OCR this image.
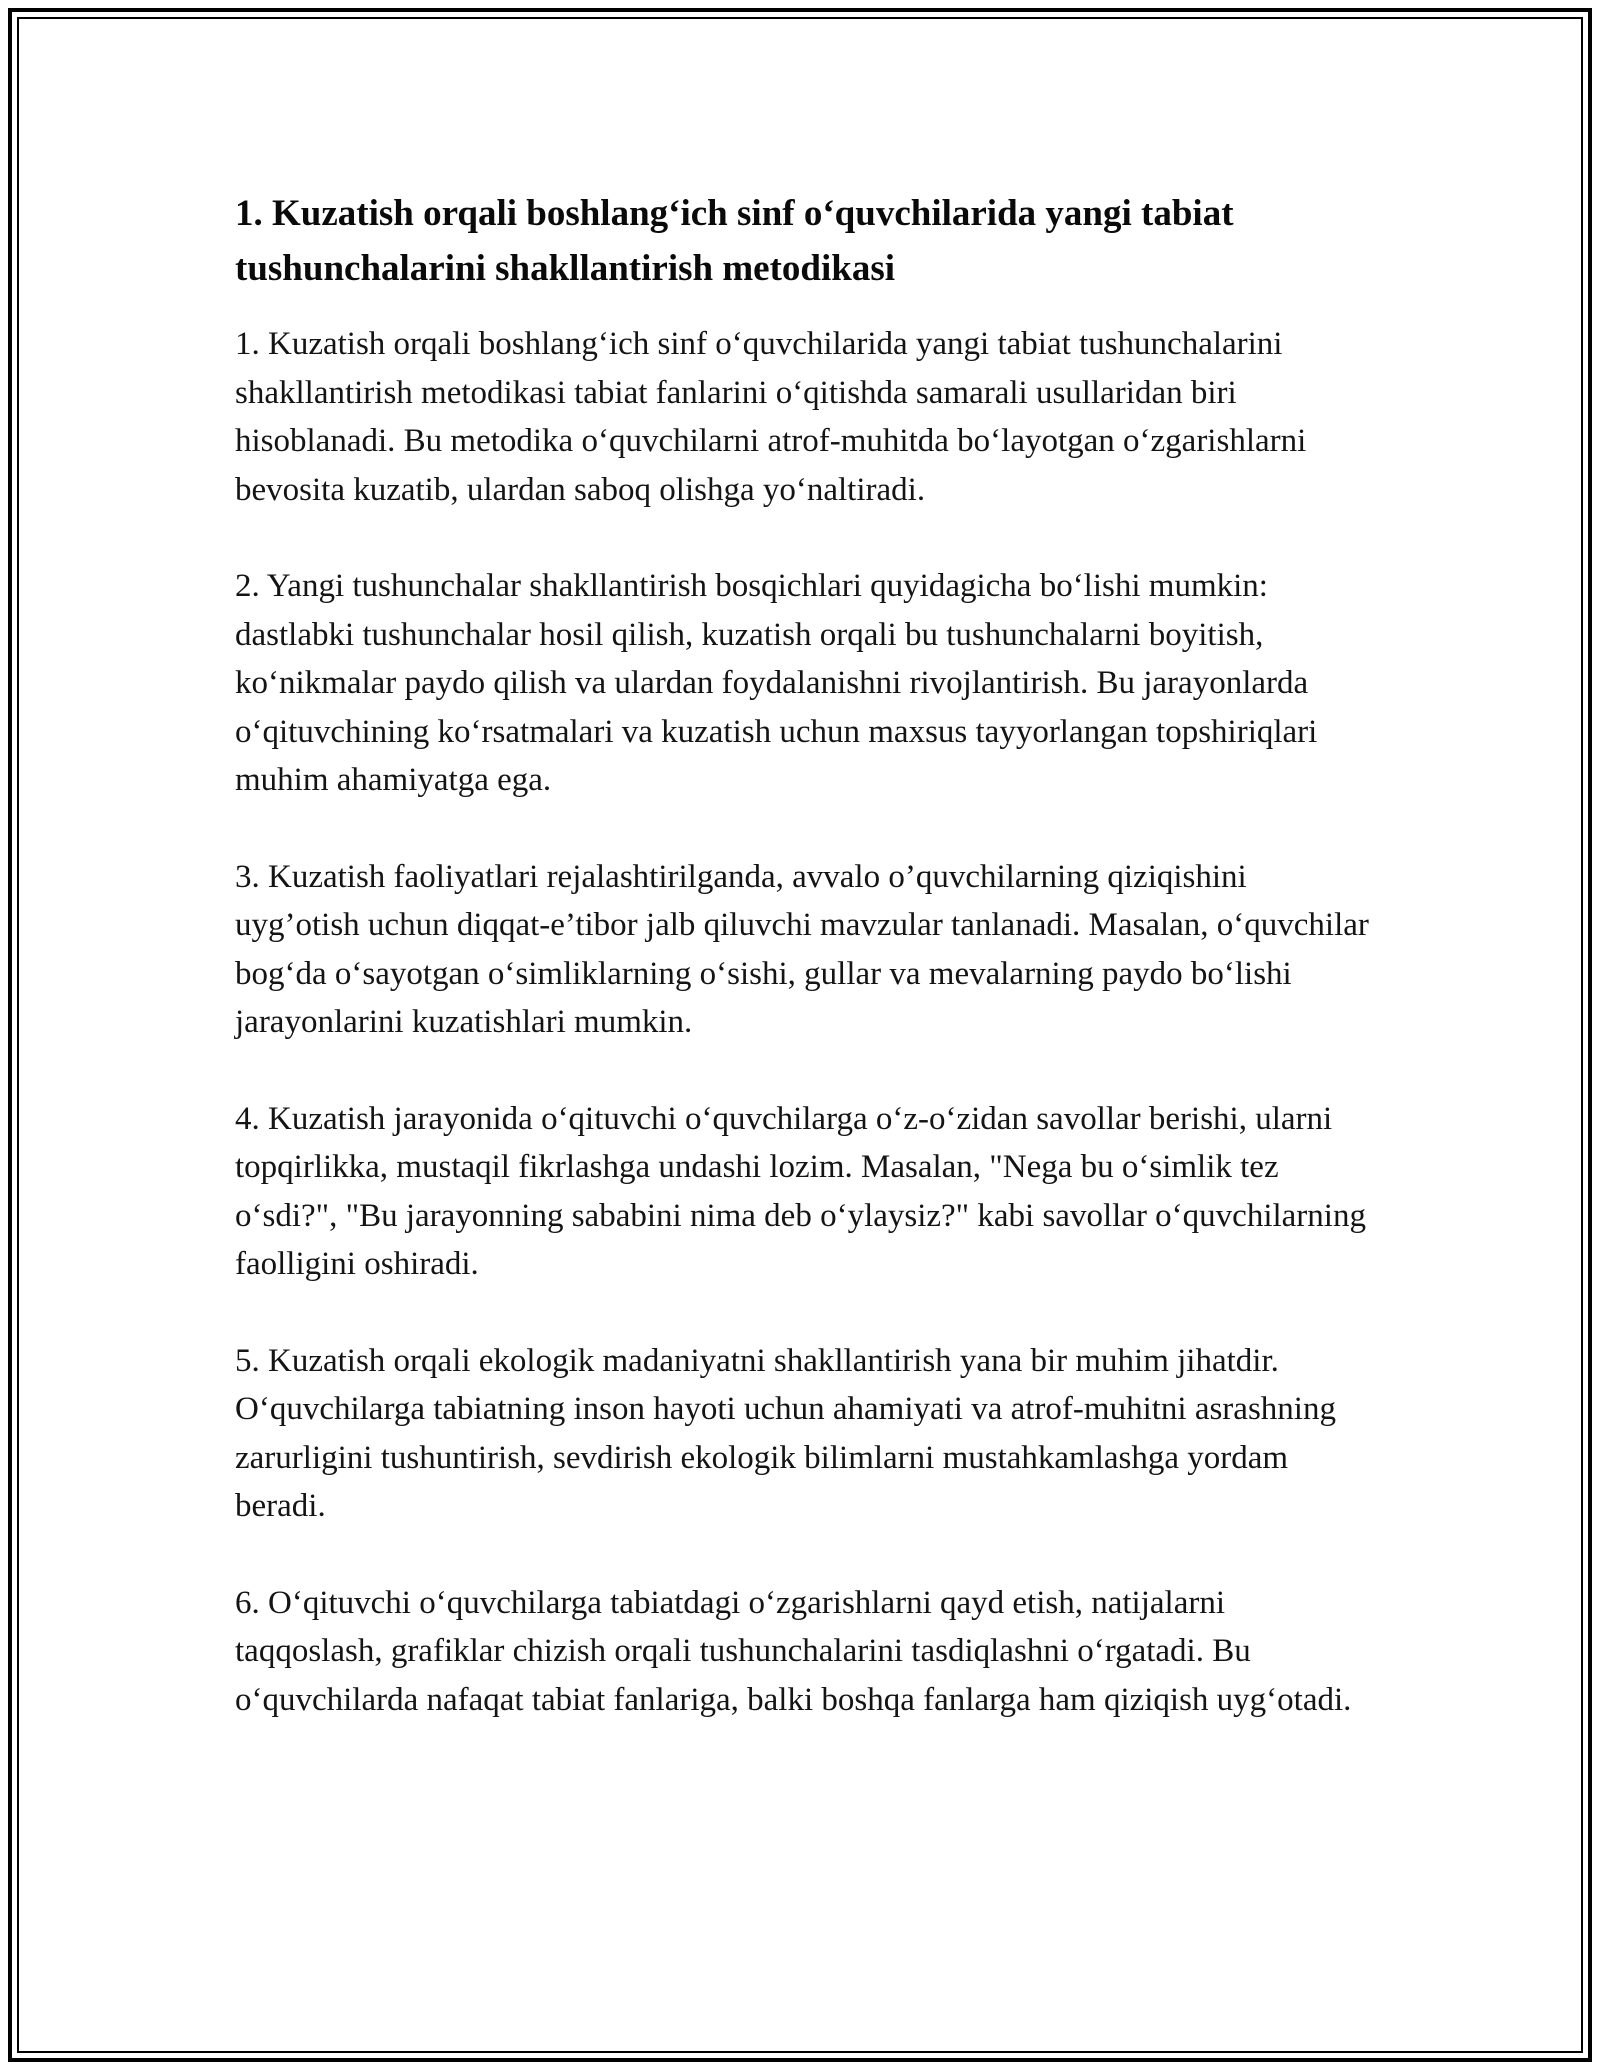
1. Kuzatish orqali boshlang‘ich sinf o‘quvchilarida yangi tabiat tushunchalarini shakllantirish metodikasi

1. Kuzatish orqali boshlang‘ich sinf o‘quvchilarida yangi tabiat tushunchalarini shakllantirish metodikasi tabiat fanlarini o‘qitishda samarali usullaridan biri hisoblanadi. Bu metodika o‘quvchilarni atrof-muhitda bo‘layotgan o‘zgarishlarni bevosita kuzatib, ulardan saboq olishga yo‘naltiradi.

2. Yangi tushunchalar shakllantirish bosqichlari quyidagicha bo‘lishi mumkin: dastlabki tushunchalar hosil qilish, kuzatish orqali bu tushunchalarni boyitish, ko‘nikmalar paydo qilish va ulardan foydalanishni rivojlantirish. Bu jarayonlarda o‘qituvchining ko‘rsatmalari va kuzatish uchun maxsus tayyorlangan topshiriqlari muhim ahamiyatga ega.

3. Kuzatish faoliyatlari rejalashtirilganda, avvalo o’quvchilarning qiziqishini uyg’otish uchun diqqat-e’tibor jalb qiluvchi mavzular tanlanadi. Masalan, o‘quvchilar bog‘da o‘sayotgan o‘simliklarning o‘sishi, gullar va mevalarning paydo bo‘lishi jarayonlarini kuzatishlari mumkin.

4. Kuzatish jarayonida o‘qituvchi o‘quvchilarga o‘z-o‘zidan savollar berishi, ularni topqirlikka, mustaqil fikrlashga undashi lozim. Masalan, "Nega bu o‘simlik tez o‘sdi?", "Bu jarayonning sababini nima deb o‘ylaysiz?" kabi savollar o‘quvchilarning faolligini oshiradi.

5. Kuzatish orqali ekologik madaniyatni shakllantirish yana bir muhim jihatdir. O‘quvchilarga tabiatning inson hayoti uchun ahamiyati va atrof-muhitni asrashning zarurligini tushuntirish, sevdirish ekologik bilimlarni mustahkamlashga yordam beradi.

6. O‘qituvchi o‘quvchilarga tabiatdagi o‘zgarishlarni qayd etish, natijalarni taqqoslash, grafiklar chizish orqali tushunchalarini tasdiqlashni o‘rgatadi. Bu o‘quvchilarda nafaqat tabiat fanlariga, balki boshqa fanlarga ham qiziqish uyg‘otadi.
